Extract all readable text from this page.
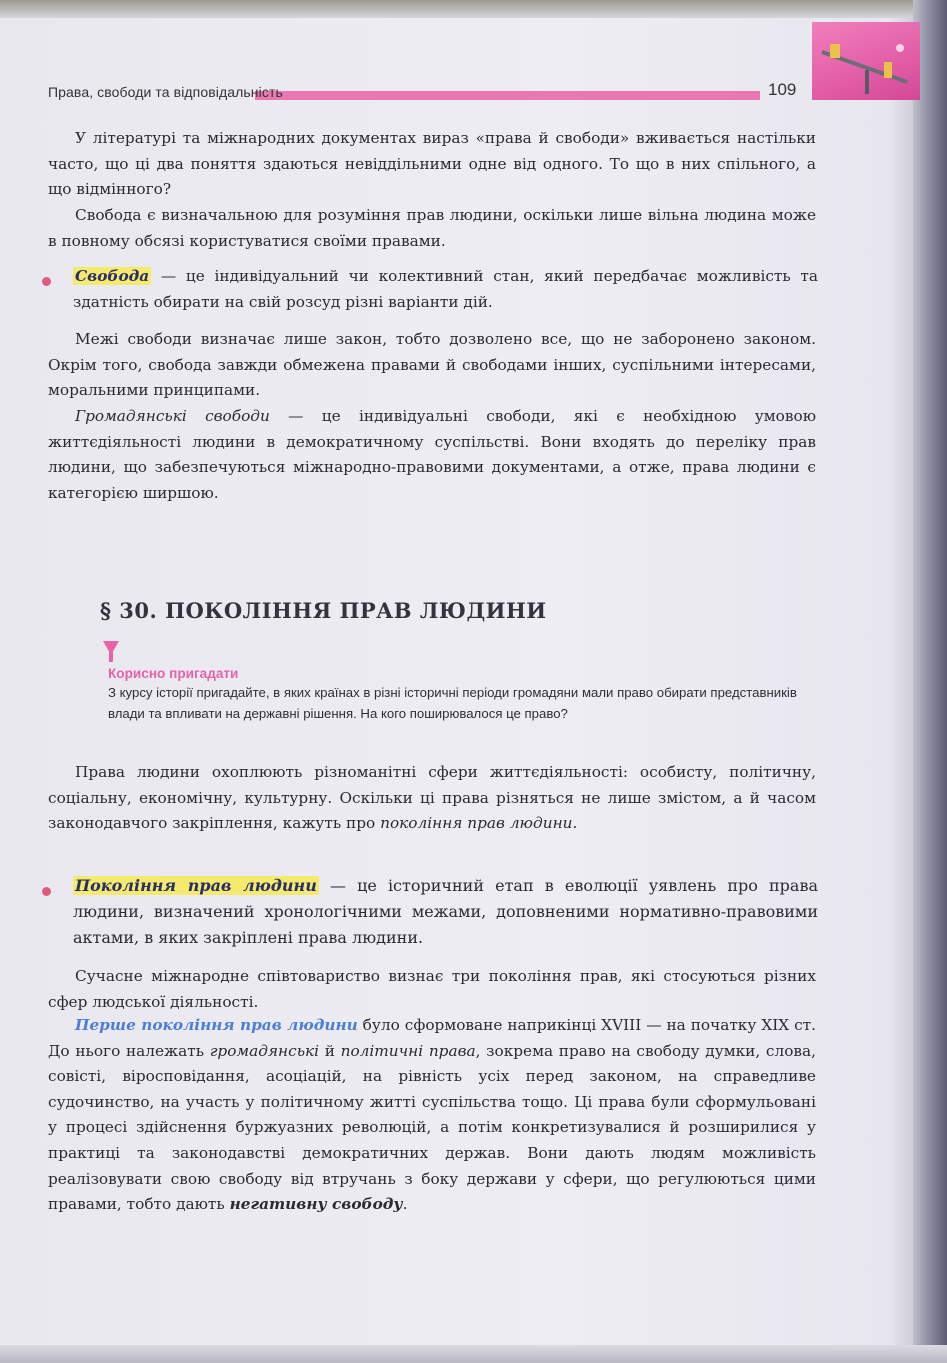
Права, свободи та відповідальність	109

У літературі та міжнародних документах вираз «права й свободи» вживається настільки часто, що ці два поняття здаються невіддільними одне від одного. То що в них спільного, а що відмінного?

Свобода є визначальною для розуміння прав людини, оскільки лише вільна людина може в повному обсязі користуватися своїми правами.

Свобода — це індивідуальний чи колективний стан, який передбачає можливість та здатність обирати на свій розсуд різні варіанти дій.

Межі свободи визначає лише закон, тобто дозволено все, що не заборонено законом. Окрім того, свобода завжди обмежена правами й свободами інших, суспільними інтересами, моральними принципами.

Громадянські свободи — це індивідуальні свободи, які є необхідною умовою життєдіяльності людини в демократичному суспільстві. Вони входять до переліку прав людини, що забезпечуються міжнародно-правовими документами, а отже, права людини є категорією ширшою.

§ 30. ПОКОЛІННЯ ПРАВ ЛЮДИНИ
Корисно пригадати

З курсу історії пригадайте, в яких країнах в різні історичні періоди громадяни мали право обирати представників влади та впливати на державні рішення. На кого поширювалося це право?

Права людини охоплюють різноманітні сфери життєдіяльності: особисту, політичну, соціальну, економічну, культурну. Оскільки ці права різняться не лише змістом, а й часом законодавчого закріплення, кажуть про покоління прав людини.

Покоління прав людини — це історичний етап в еволюції уявлень про права людини, визначений хронологічними межами, доповненими нормативно-правовими актами, в яких закріплені права людини.

Сучасне міжнародне співтовариство визнає три покоління прав, які стосуються різних сфер людської діяльності.

Перше покоління прав людини було сформоване наприкінці XVIII — на початку XIX ст. До нього належать громадянські й політичні права, зокрема право на свободу думки, слова, совісті, віросповідання, асоціацій, на рівність усіх перед законом, на справедливе судочинство, на участь у політичному житті суспільства тощо. Ці права були сформульовані у процесі здійснення буржуазних революцій, а потім конкретизувалися й розширилися у практиці та законодавстві демократичних держав. Вони дають людям можливість реалізовувати свою свободу від втручань з боку держави у сфери, що регулюються цими правами, тобто дають негативну свободу.
